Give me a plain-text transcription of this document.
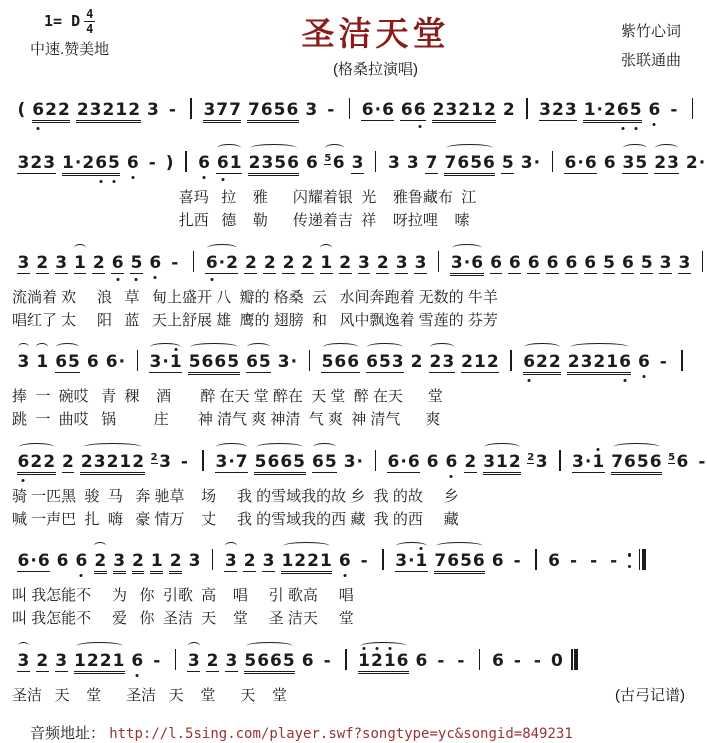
1= D $\frac{4}{4}$
中速.赞美地	圣洁天堂
(格桑拉演唱)
紫竹心词
张联通曲
( 622 23212 3 - 377 7656 3 - 6·6 66 23212 2 323 1·265 6 -
323 1·265 6 - ) 6 61 2356 6 56 3 3 3 7 7656 5 3· 6·6 6 35 23 2·
喜玛   拉    雅      闪耀着银  光    雅鲁藏布  江
扎西   德    勒      传递着吉  祥    呀拉哩    嗦
3 2 3 1 2 6 5 6 - 6·2 2 2 2 2 1 2 3 2 3 3 3·6 6 6 6 6 6 6 5 6 5 3 3
流淌着 欢     浪   草   甸上盛开 八  瓣的 格桑  云   水间奔跑着 无数的 牛羊
唱红了 太     阳   蓝   天上舒展 雄  鹰的 翅膀  和   风中飘逸着 雪莲的 芬芳
3 1 65 6 6· 3·1 5665 65 3· 566 653 2 23 212 622 23216 6 -
捧  一  碗哎   青  稞    酒       醉 在天 堂 醉在  天 堂  醉 在天      堂
跳  一  曲哎   锅         庄       神 清气 爽 神清  气 爽  神 清气      爽
622 2 23212 23 - 3·7 5665 65 3· 6·6 6 6 2 312 23 3·1 7656 56 -
骑 一匹黑  骏  马   奔 驰草    场     我 的雪域我的故 乡  我 的故     乡
喊 一声巴  扎  嗨   豪 情万    丈     我 的雪域我的西 藏  我 的西     藏
6·6 6 6 2 3 2 1 2 3 3 2 3 1221 6 - 3·1 7656 6 - 6 - - -
叫 我怎能不     为   你  引歌  高    唱     引 歌高     唱
叫 我怎能不     爱   你  圣洁  天    堂     圣 洁天     堂
3 2 3 1221 6 - 3 2 3 5665 6 - 1216 6 - - 6 - - 0
圣洁   天    堂      圣洁   天    堂      天    堂	(古弓记谱)
音频地址： http://l.5sing.com/player.swf?songtype=yc&songid=849231
